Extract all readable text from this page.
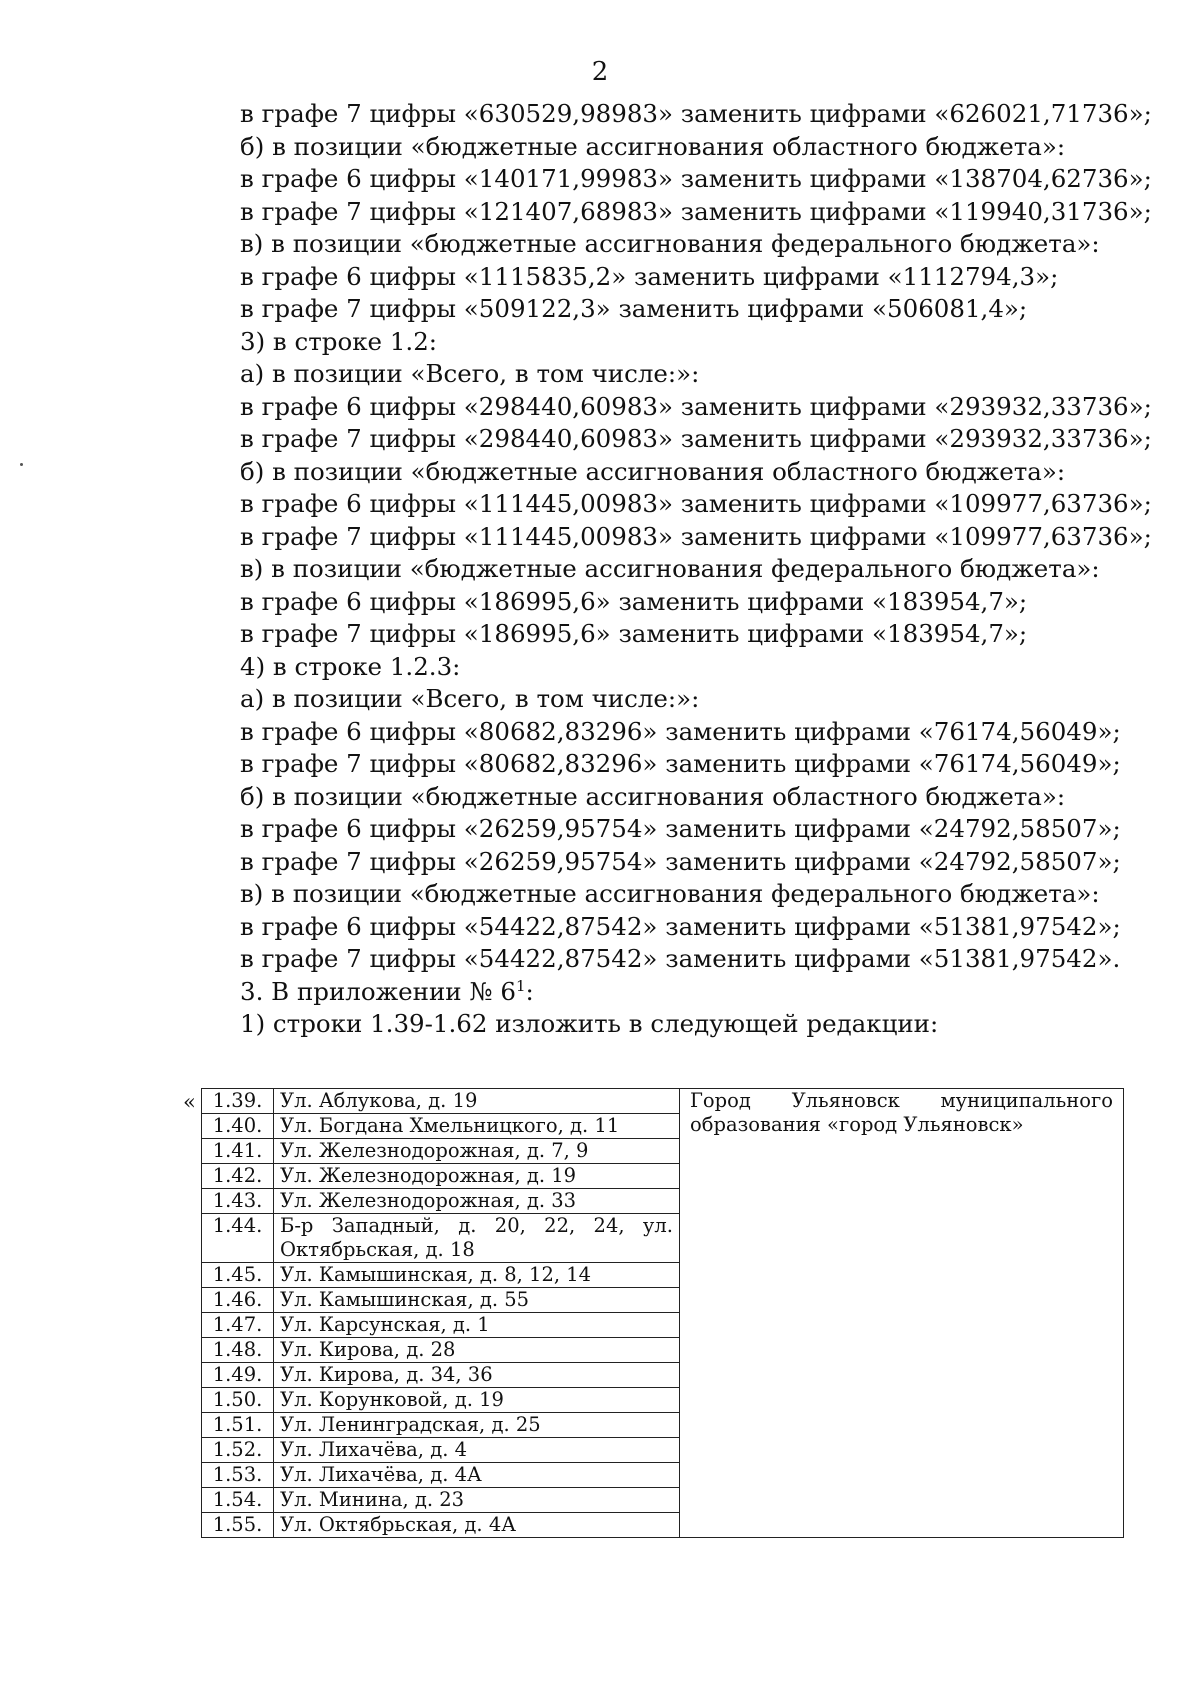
2
в графе 7 цифры «630529,98983» заменить цифрами «626021,71736»;
б) в позиции «бюджетные ассигнования областного бюджета»:
в графе 6 цифры «140171,99983» заменить цифрами «138704,62736»;
в графе 7 цифры «121407,68983» заменить цифрами «119940,31736»;
в) в позиции «бюджетные ассигнования федерального бюджета»:
в графе 6 цифры «1115835,2» заменить цифрами «1112794,3»;
в графе 7 цифры «509122,3» заменить цифрами «506081,4»;
3) в строке 1.2:
а) в позиции «Всего, в том числе:»:
в графе 6 цифры «298440,60983» заменить цифрами «293932,33736»;
в графе 7 цифры «298440,60983» заменить цифрами «293932,33736»;
б) в позиции «бюджетные ассигнования областного бюджета»:
в графе 6 цифры «111445,00983» заменить цифрами «109977,63736»;
в графе 7 цифры «111445,00983» заменить цифрами «109977,63736»;
в) в позиции «бюджетные ассигнования федерального бюджета»:
в графе 6 цифры «186995,6» заменить цифрами «183954,7»;
в графе 7 цифры «186995,6» заменить цифрами «183954,7»;
4) в строке 1.2.3:
а) в позиции «Всего, в том числе:»:
в графе 6 цифры «80682,83296» заменить цифрами «76174,56049»;
в графе 7 цифры «80682,83296» заменить цифрами «76174,56049»;
б) в позиции «бюджетные ассигнования областного бюджета»:
в графе 6 цифры «26259,95754» заменить цифрами «24792,58507»;
в графе 7 цифры «26259,95754» заменить цифрами «24792,58507»;
в) в позиции «бюджетные ассигнования федерального бюджета»:
в графе 6 цифры «54422,87542» заменить цифрами «51381,97542»;
в графе 7 цифры «54422,87542» заменить цифрами «51381,97542».
3. В приложении № $6^1$:
1) строки 1.39-1.62 изложить в следующей редакции:
« 1.39.	Ул. Аблукова, д. 19	Город Ульяновск муниципального образования «город Ульяновск»
1.40.	Ул. Богдана Хмельницкого, д. 11	
1.41.	Ул. Железнодорожная, д. 7, 9	
1.42.	Ул. Железнодорожная, д. 19	
1.43.	Ул. Железнодорожная, д. 33	
1.44.	Б-р Западный, д. 20, 22, 24, ул. Октябрьская, д. 18	
1.45.	Ул. Камышинская, д. 8, 12, 14	
1.46.	Ул. Камышинская, д. 55	
1.47.	Ул. Карсунская, д. 1	
1.48.	Ул. Кирова, д. 28	
1.49.	Ул. Кирова, д. 34, 36	
1.50.	Ул. Корунковой, д. 19	
1.51.	Ул. Ленинградская, д. 25	
1.52.	Ул. Лихачёва, д. 4	
1.53.	Ул. Лихачёва, д. 4А	
1.54.	Ул. Минина, д. 23	
1.55.	Ул. Октябрьская, д. 4А	
